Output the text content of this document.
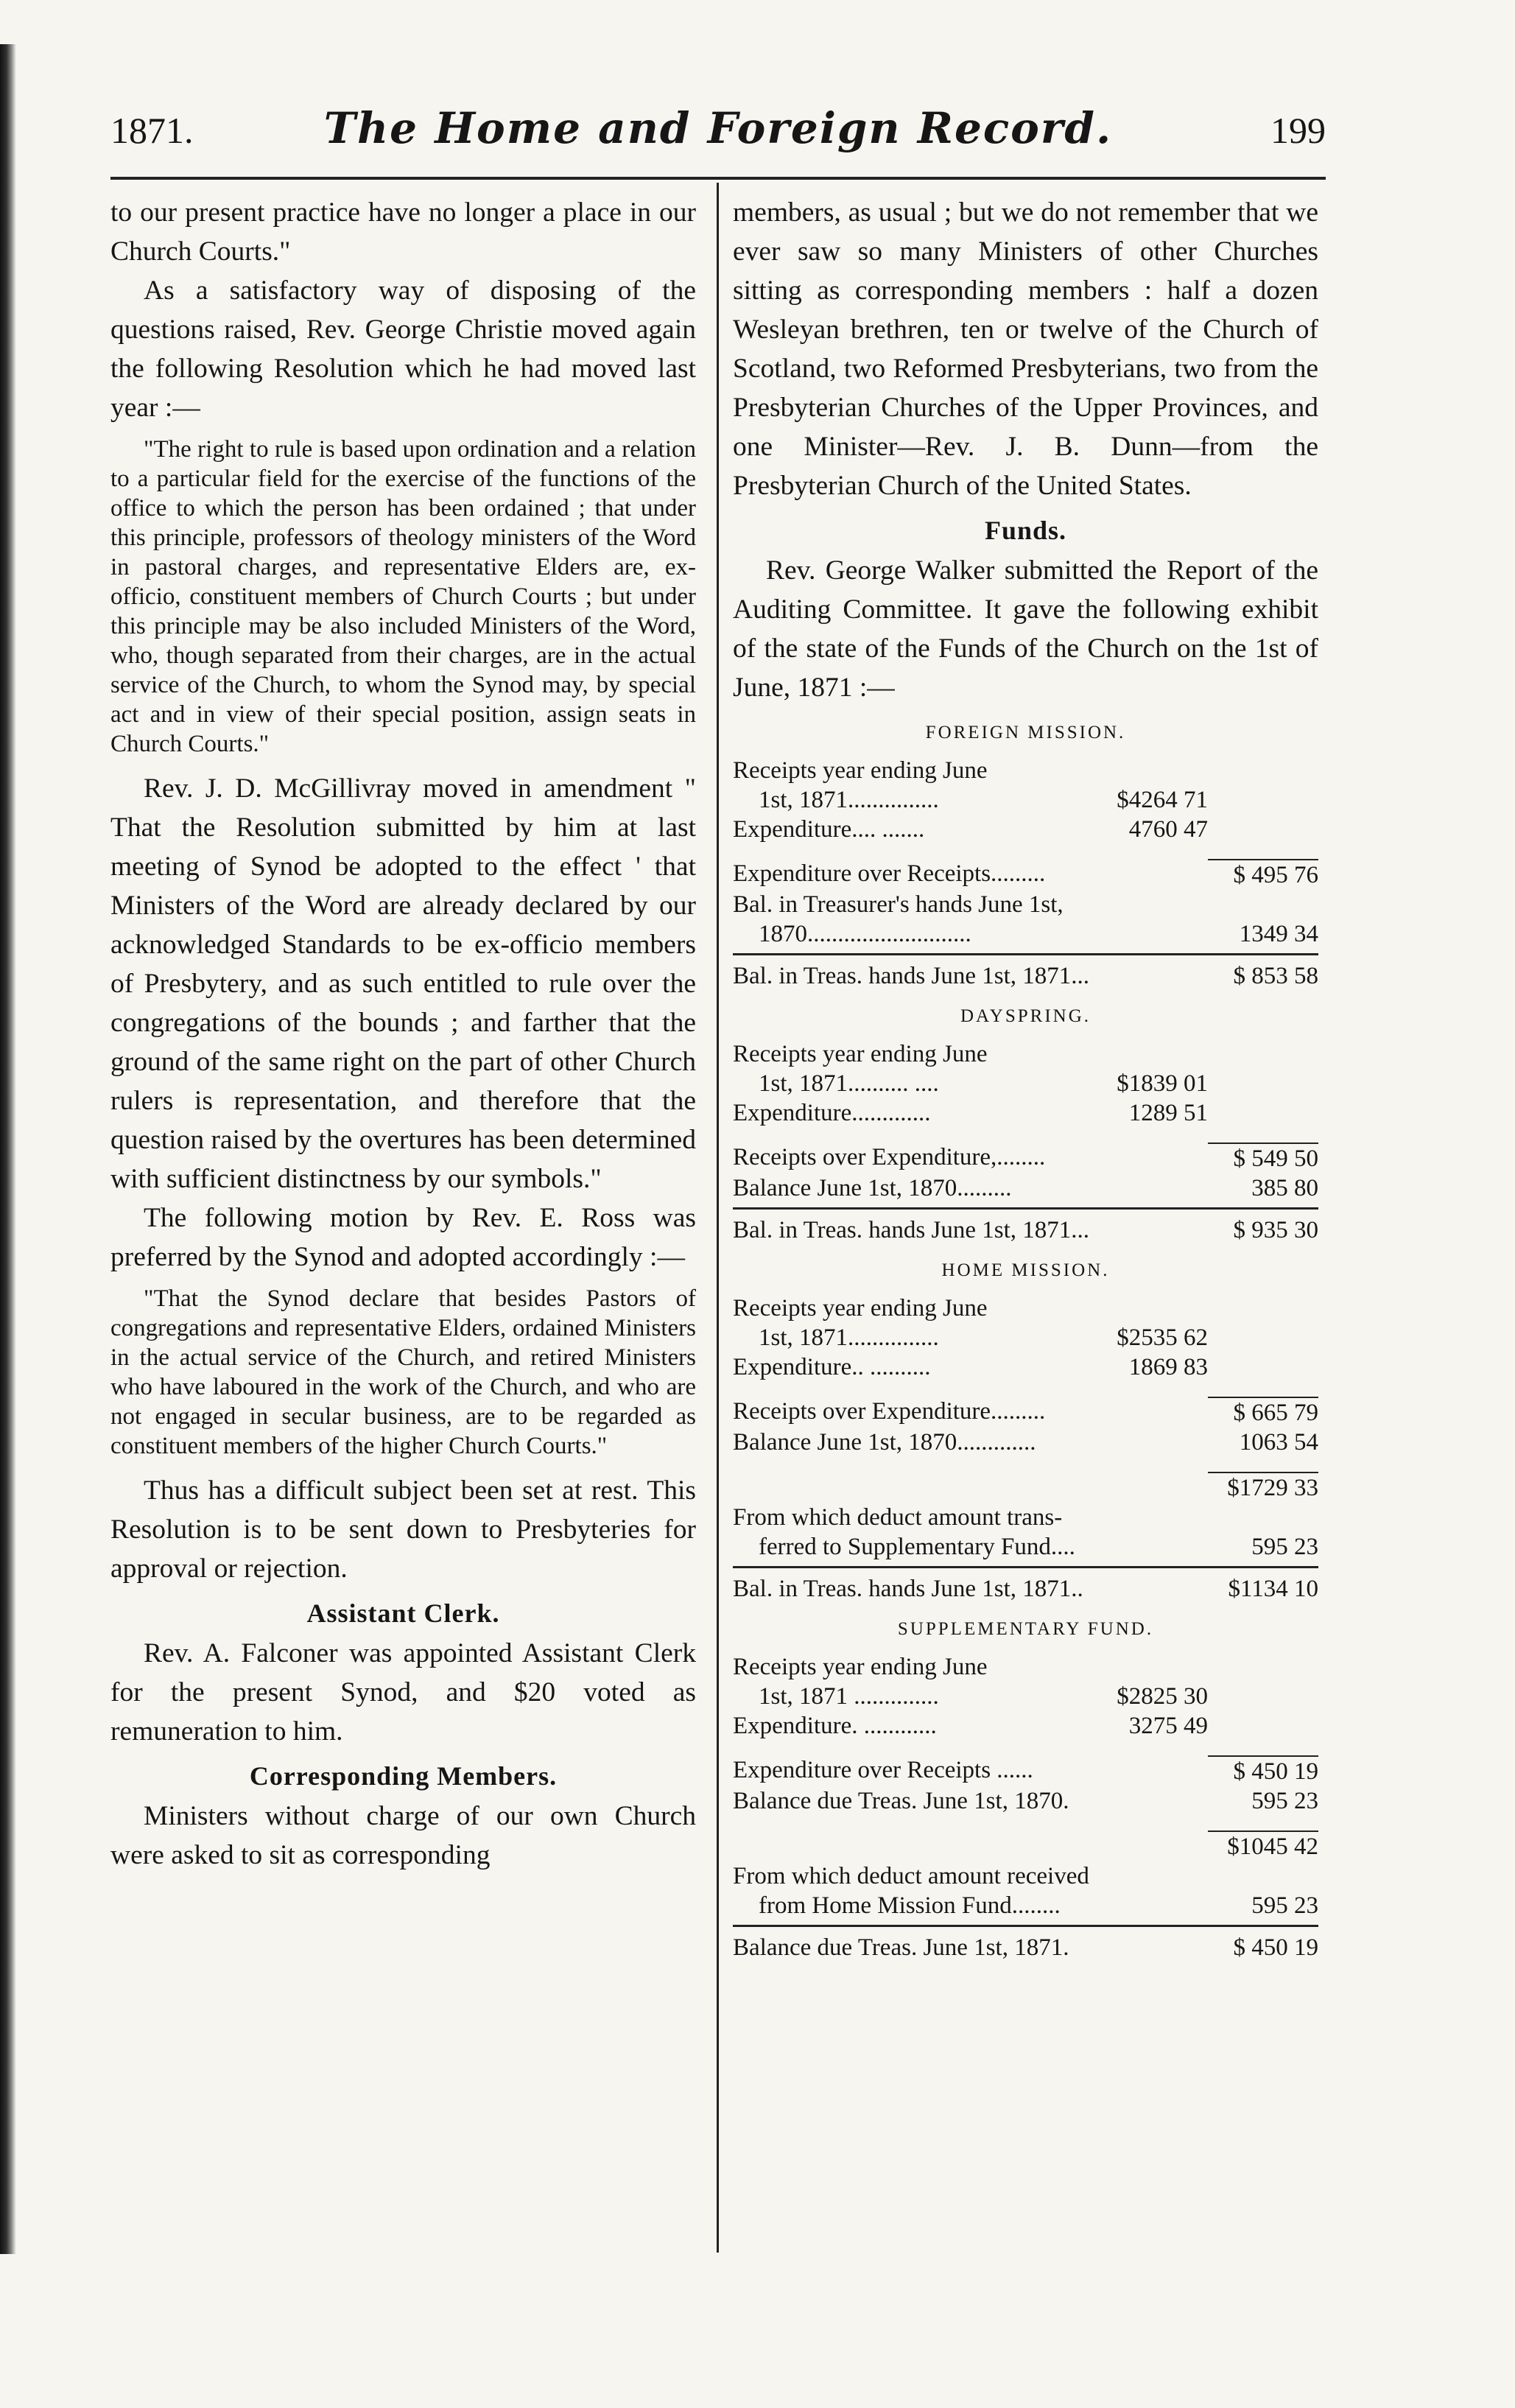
1871.	The Home and Foreign Record.	199

to our present practice have no longer a place in our Church Courts."

As a satisfactory way of disposing of the questions raised, Rev. George Christie moved again the following Resolution which he had moved last year :—

"The right to rule is based upon ordination and a relation to a particular field for the exercise of the functions of the office to which the person has been ordained ; that under this principle, professors of theology ministers of the Word in pastoral charges, and representative Elders are, ex-officio, constituent members of Church Courts ; but under this principle may be also included Ministers of the Word, who, though separated from their charges, are in the actual service of the Church, to whom the Synod may, by special act and in view of their special position, assign seats in Church Courts."

Rev. J. D. McGillivray moved in amendment " That the Resolution submitted by him at last meeting of Synod be adopted to the effect ' that Ministers of the Word are already declared by our acknowledged Standards to be ex-officio members of Presbytery, and as such entitled to rule over the congregations of the bounds ; and farther that the ground of the same right on the part of other Church rulers is representation, and therefore that the question raised by the overtures has been determined with sufficient distinctness by our symbols."

The following motion by Rev. E. Ross was preferred by the Synod and adopted accordingly :—

"That the Synod declare that besides Pastors of congregations and representative Elders, ordained Ministers in the actual service of the Church, and retired Ministers who have laboured in the work of the Church, and who are not engaged in secular business, are to be regarded as constituent members of the higher Church Courts."

Thus has a difficult subject been set at rest. This Resolution is to be sent down to Presbyteries for approval or rejection.

Assistant Clerk.

Rev. A. Falconer was appointed Assistant Clerk for the present Synod, and $20 voted as remuneration to him.

Corresponding Members.

Ministers without charge of our own Church were asked to sit as corresponding

members, as usual ; but we do not remember that we ever saw so many Ministers of other Churches sitting as corresponding members : half a dozen Wesleyan brethren, ten or twelve of the Church of Scotland, two Reformed Presbyterians, two from the Presbyterian Churches of the Upper Provinces, and one Minister—Rev. J. B. Dunn—from the Presbyterian Church of the United States.

Funds.

Rev. George Walker submitted the Report of the Auditing Committee. It gave the following exhibit of the state of the Funds of the Church on the 1st of June, 1871 :—

FOREIGN MISSION.
Receipts year ending June
1st, 1871...............	$4264 71
Expenditure.... .......	4760 47
Expenditure over Receipts.........	$ 495 76
Bal. in Treasurer's hands June 1st,
1870...........................	1349 34
Bal. in Treas. hands June 1st, 1871...	$ 853 58
DAYSPRING.
Receipts year ending June
1st, 1871.......... ....	$1839 01
Expenditure.............	1289 51
Receipts over Expenditure,........	$ 549 50
Balance June 1st, 1870.........	385 80
Bal. in Treas. hands June 1st, 1871...	$ 935 30
HOME MISSION.
Receipts year ending June
1st, 1871...............	$2535 62
Expenditure.. ..........	1869 83
Receipts over Expenditure.........	$ 665 79
Balance June 1st, 1870.............	1063 54
$1729 33
From which deduct amount trans-
ferred to Supplementary Fund....	595 23
Bal. in Treas. hands June 1st, 1871..	$1134 10
SUPPLEMENTARY FUND.
Receipts year ending June
1st, 1871 ..............	$2825 30
Expenditure. ............	3275 49
Expenditure over Receipts ......	$ 450 19
Balance due Treas. June 1st, 1870.	595 23
$1045 42
From which deduct amount received
from Home Mission Fund........	595 23
Balance due Treas. June 1st, 1871.	$ 450 19
